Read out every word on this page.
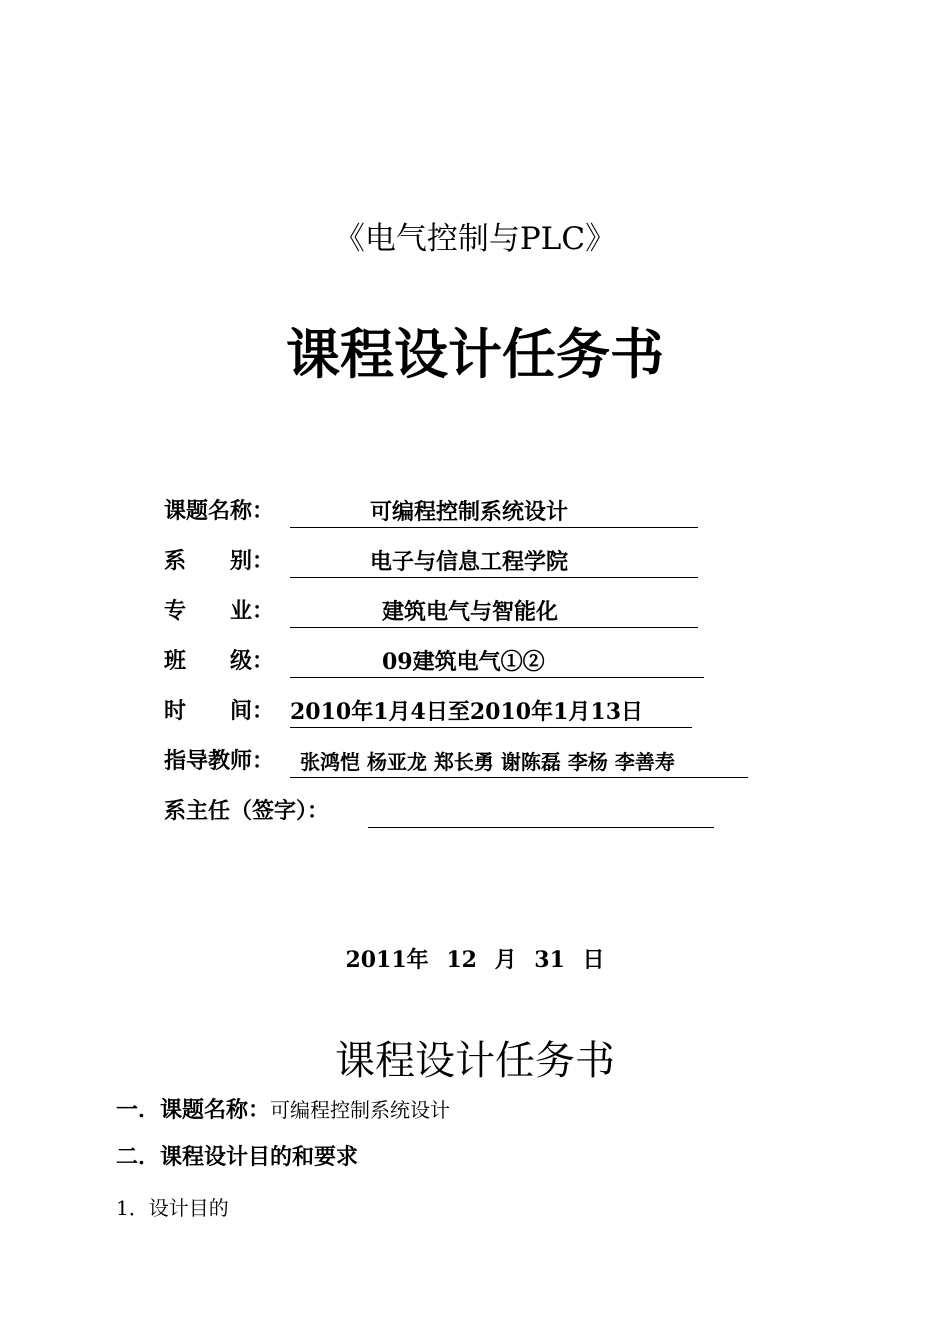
《电气控制与PLC》
课程设计任务书
课题名称：	可编程控制系统设计
系　　别：	电子与信息工程学院
专　　业：	建筑电气与智能化
班　　级：	09建筑电气①②
时　　间： 2010年1月4日至2010年1月13日
指导教师： 张鸿恺 杨亚龙 郑长勇 谢陈磊 李杨 李善寿
系主任（签字）：
2011年 12 月 31 日
课程设计任务书
一．课题名称：可编程控制系统设计
二．课程设计目的和要求
1．设计目的
